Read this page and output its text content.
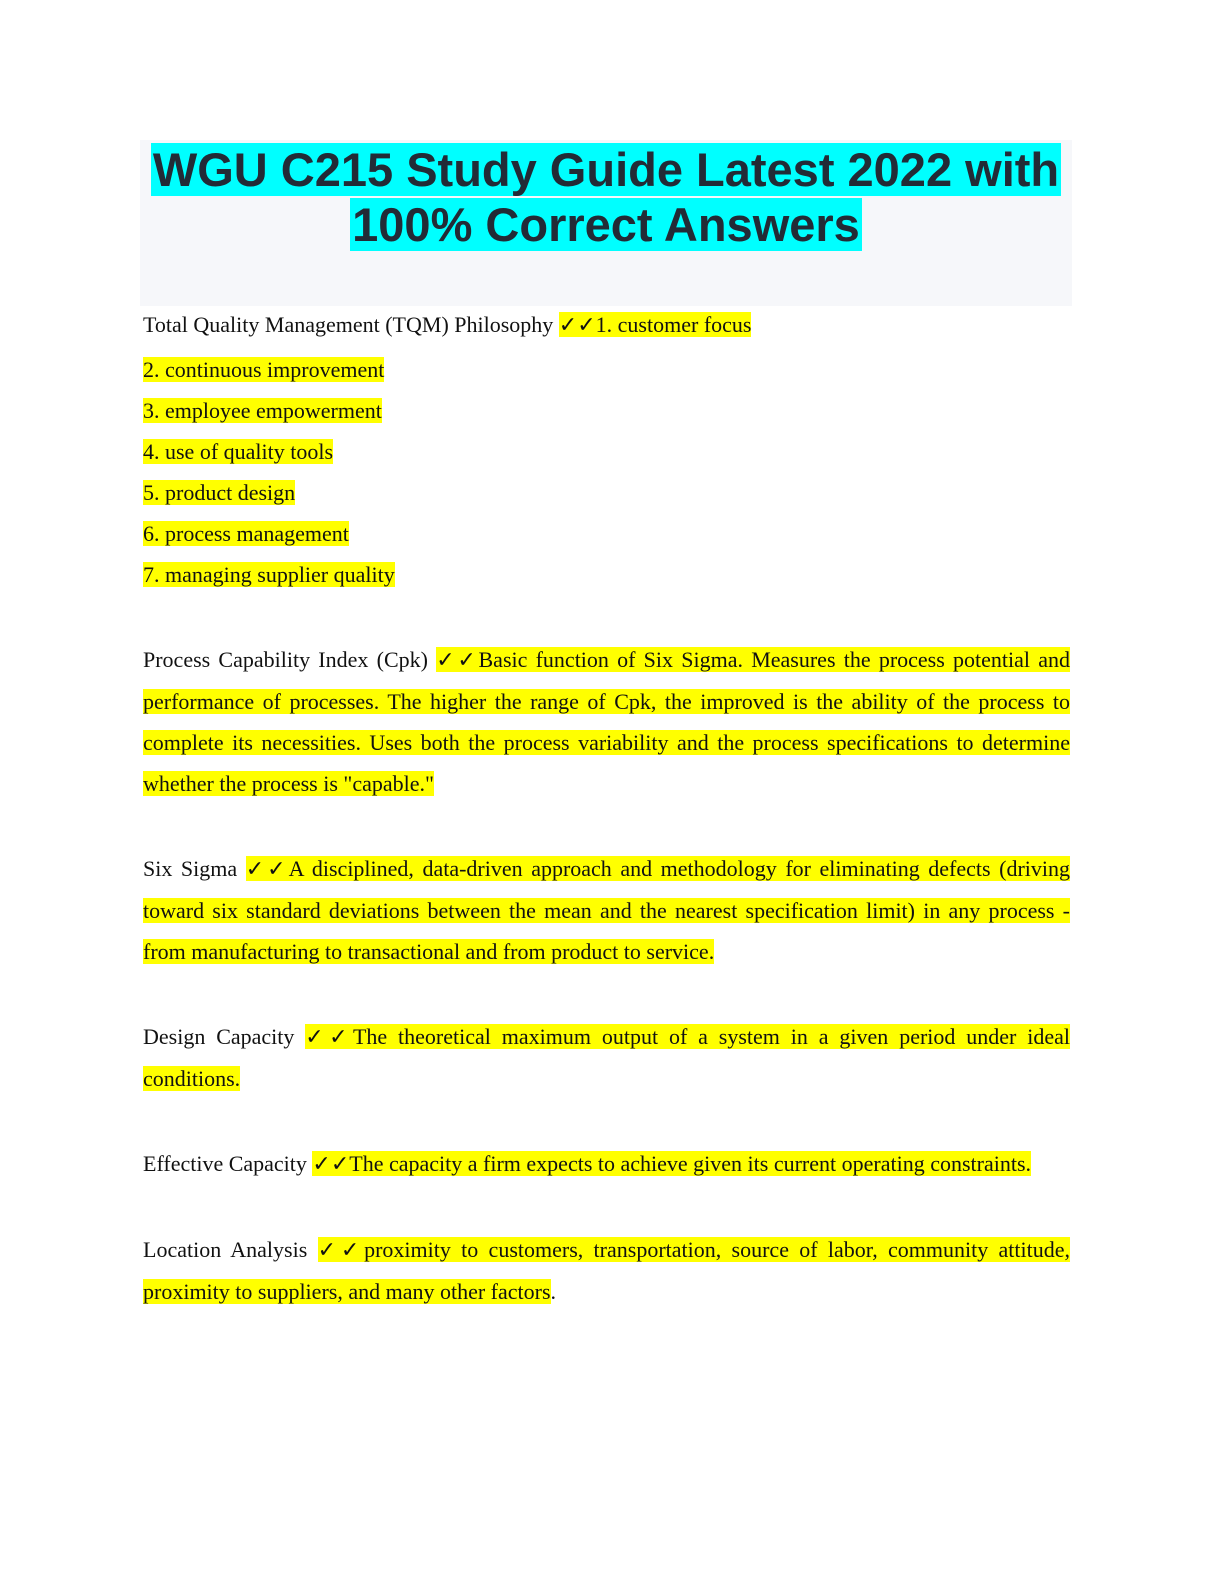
WGU C215 Study Guide Latest 2022 with
100% Correct Answers

Total Quality Management (TQM) Philosophy ✓✓1. customer focus

2. continuous improvement

3. employee empowerment

4. use of quality tools

5. product design

6. process management

7. managing supplier quality

Process Capability Index (Cpk) ✓✓Basic function of Six Sigma. Measures the process potential and performance of processes. The higher the range of Cpk, the improved is the ability of the process to complete its necessities. Uses both the process variability and the process specifications to determine whether the process is "capable."

Six Sigma ✓✓A disciplined, data-driven approach and methodology for eliminating defects (driving toward six standard deviations between the mean and the nearest specification limit) in any process - from manufacturing to transactional and from product to service.

Design Capacity ✓✓The theoretical maximum output of a system in a given period under ideal conditions.

Effective Capacity ✓✓The capacity a firm expects to achieve given its current operating constraints.

Location Analysis ✓✓proximity to customers, transportation, source of labor, community attitude, proximity to suppliers, and many other factors.
